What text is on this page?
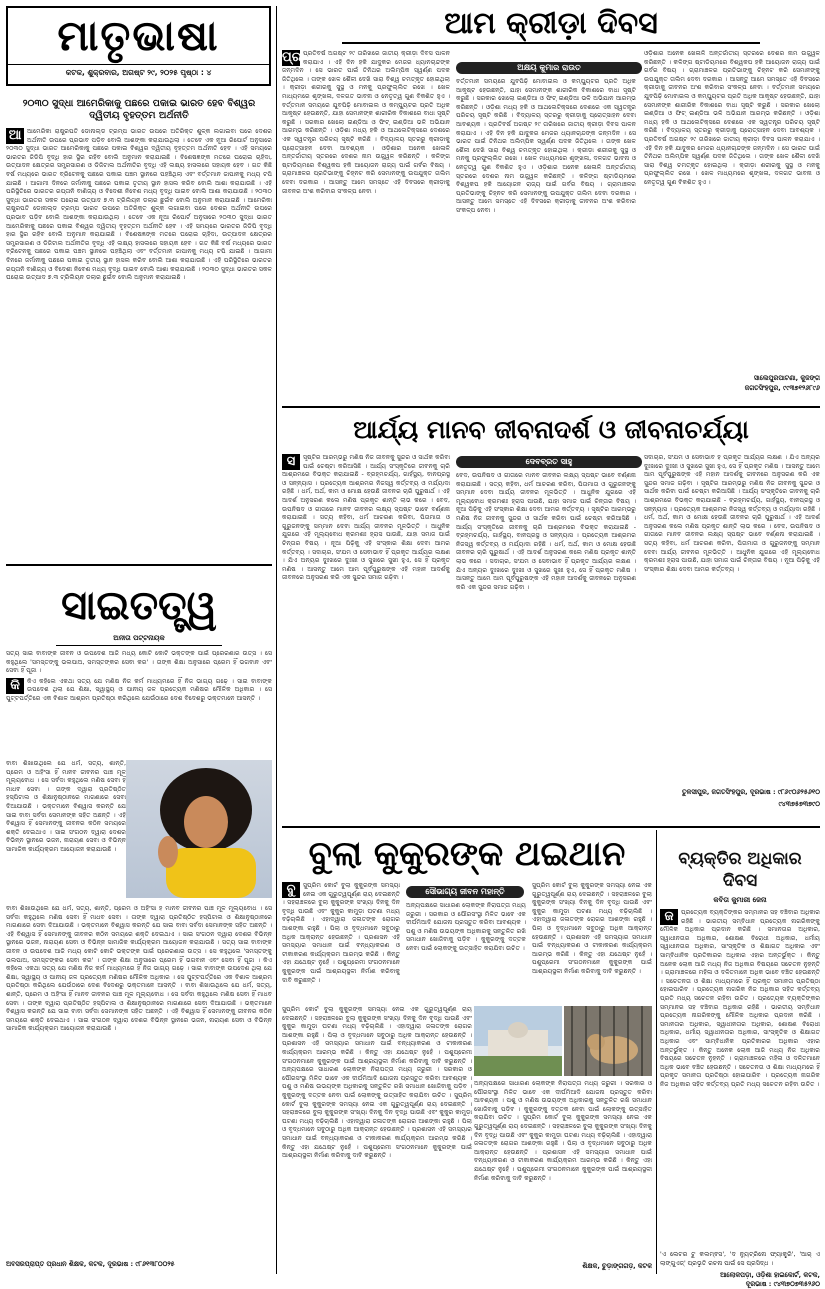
ମାତୃଭାଷା
କଟକ, ଶୁକ୍ରବାର, ଅଗଷ୍ଟ ୨୯, ୨୦୨୫ ପୃଷ୍ଠା : ୪
୨୦୩୦ ସୁଦ୍ଧା ଆମେରିକାକୁ ପଛରେ ପକାଇ ଭାରତ ହେବ ବିଶ୍ୱର ଦ୍ୱିତୀୟ ବୃହତ୍ତମ ଅର୍ଥନୀତି
ଆ ଆମେରିକା ରାଷ୍ଟ୍ରପତି ଡୋନାଲ୍ଡ ଟ୍ରମ୍ପ ଭାରତ ଉପରେ ଅତିରିକ୍ତ ଶୁଳ୍କ ଲଗାଇବା ପରେ ଦେଶର ଅର୍ଥନୀତି ଉପରେ ପ୍ରଭାବ ପଡ଼ିବ ବୋଲି ଆଶଙ୍କା କରାଯାଉଥିଲା । ତେବେ ଏକ ନୂଆ ରିପୋର୍ଟ ଅନୁସାରେ ୨୦୩୦ ସୁଦ୍ଧା ଭାରତ ଆମେରିକାକୁ ପଛରେ ପକାଇ ବିଶ୍ୱର ଦ୍ୱିତୀୟ ବୃହତ୍ତମ ଅର୍ଥନୀତି ହେବ । ଏହି ସମୟରେ ଭାରତର ଜିଡିପି ବୃଦ୍ଧି ହାର ସ୍ଥିର ରହିବ ବୋଲି ଅନୁମାନ କରାଯାଇଛି । ବିଶେଷଜ୍ଞଙ୍କ ମତରେ ଘରୋଇ ଚାହିଦା, ଉତ୍ପାଦନ କ୍ଷେତ୍ରର ସମ୍ପ୍ରସାରଣ ଓ ଡିଜିଟାଲ ଅର୍ଥନୀତିର ବୃଦ୍ଧି ଏହି ଲକ୍ଷ୍ୟ ହାସଲରେ ସହାୟକ ହେବ । ଗତ କିଛି ବର୍ଷ ମଧ୍ୟରେ ଭାରତ ବ୍ରିଟେନକୁ ପଛରେ ପକାଇ ପଞ୍ଚମ ସ୍ଥାନରେ ପହଞ୍ଚିଥିଲା ଏବଂ ବର୍ତ୍ତମାନ ଜାପାନକୁ ମଧ୍ୟ ଟପି ଯାଇଛି । ଆଗାମୀ ଦିନରେ ଜର୍ମାନୀକୁ ପଛରେ ପକାଇ ତୃତୀୟ ସ୍ଥାନ ହାସଲ କରିବ ବୋଲି ଆଶା କରାଯାଉଛି । ଏହି ପରିସ୍ଥିତିରେ ଭାରତର ରପ୍ତାନି ବାଣିଜ୍ୟ ଓ ବିଦେଶୀ ନିବେଶ ମଧ୍ୟ ବୃଦ୍ଧି ପାଇବ ବୋଲି ଆଶା କରାଯାଉଛି । ୨୦୩୦ ସୁଦ୍ଧା ଭାରତର ସକଳ ଘରୋଇ ଉତ୍ପାଦ ୭.୩ ଟ୍ରିଲିୟନ ଡଲାର ଛୁଇଁବ ବୋଲି ଅନୁମାନ କରାଯାଇଛି । ଆମେରିକା ରାଷ୍ଟ୍ରପତି ଡୋନାଲ୍ଡ ଟ୍ରମ୍ପ ଭାରତ ଉପରେ ଅତିରିକ୍ତ ଶୁଳ୍କ ଲଗାଇବା ପରେ ଦେଶର ଅର୍ଥନୀତି ଉପରେ ପ୍ରଭାବ ପଡ଼ିବ ବୋଲି ଆଶଙ୍କା କରାଯାଉଥିଲା । ତେବେ ଏକ ନୂଆ ରିପୋର୍ଟ ଅନୁସାରେ ୨୦୩୦ ସୁଦ୍ଧା ଭାରତ ଆମେରିକାକୁ ପଛରେ ପକାଇ ବିଶ୍ୱର ଦ୍ୱିତୀୟ ବୃହତ୍ତମ ଅର୍ଥନୀତି ହେବ । ଏହି ସମୟରେ ଭାରତର ଜିଡିପି ବୃଦ୍ଧି ହାର ସ୍ଥିର ରହିବ ବୋଲି ଅନୁମାନ କରାଯାଇଛି । ବିଶେଷଜ୍ଞଙ୍କ ମତରେ ଘରୋଇ ଚାହିଦା, ଉତ୍ପାଦନ କ୍ଷେତ୍ରର ସମ୍ପ୍ରସାରଣ ଓ ଡିଜିଟାଲ ଅର୍ଥନୀତିର ବୃଦ୍ଧି ଏହି ଲକ୍ଷ୍ୟ ହାସଲରେ ସହାୟକ ହେବ । ଗତ କିଛି ବର୍ଷ ମଧ୍ୟରେ ଭାରତ ବ୍ରିଟେନକୁ ପଛରେ ପକାଇ ପଞ୍ଚମ ସ୍ଥାନରେ ପହଞ୍ଚିଥିଲା ଏବଂ ବର୍ତ୍ତମାନ ଜାପାନକୁ ମଧ୍ୟ ଟପି ଯାଇଛି । ଆଗାମୀ ଦିନରେ ଜର୍ମାନୀକୁ ପଛରେ ପକାଇ ତୃତୀୟ ସ୍ଥାନ ହାସଲ କରିବ ବୋଲି ଆଶା କରାଯାଉଛି । ଏହି ପରିସ୍ଥିତିରେ ଭାରତର ରପ୍ତାନି ବାଣିଜ୍ୟ ଓ ବିଦେଶୀ ନିବେଶ ମଧ୍ୟ ବୃଦ୍ଧି ପାଇବ ବୋଲି ଆଶା କରାଯାଉଛି । ୨୦୩୦ ସୁଦ୍ଧା ଭାରତର ସକଳ ଘରୋଇ ଉତ୍ପାଦ ୭.୩ ଟ୍ରିଲିୟନ ଡଲାର ଛୁଇଁବ ବୋଲି ଅନୁମାନ କରାଯାଇଛି ।
ସାଇତତ୍ତ୍ୱ
ଅନୀତା ପଟ୍ଟନାୟକ
ସତ୍ୟ ସାଇ ବାବାଙ୍କ ଜୀବନ ଓ ଉପଦେଶ ଆଜି ମଧ୍ୟ କୋଟି କୋଟି ଭକ୍ତଙ୍କ ପାଇଁ ପ୍ରେରଣାର ଉତ୍ସ । ସେ କହୁଥିଲେ 'ସମସ୍ତଙ୍କୁ ଭଲପାଅ, ସମସ୍ତଙ୍କର ସେବା କର' । ତାଙ୍କ ଶିକ୍ଷା ଅନୁସାରେ ପ୍ରେମ ହିଁ ଭଗବାନ ଏବଂ ସେବା ହିଁ ପୂଜା ।

କି	କିଏ କହିଲେ ଏକଥା ସତ୍ୟ ଯେ ମଣିଷ ନିଜ କର୍ମ ମାଧ୍ୟମରେ ହିଁ ନିଜ ଭାଗ୍ୟ ଗଢ଼େ । ସାଇ ବାବାଙ୍କ ଉପଦେଶ ଥିଲା ଯେ ଶିକ୍ଷା, ସ୍ୱାସ୍ଥ୍ୟ ଓ ପାନୀୟ ଜଳ ପ୍ରତ୍ୟେକ ମଣିଷର ମୌଳିକ ଅଧିକାର । ସେ ପୁଟ୍ଟପର୍ତ୍ତିରେ ଏକ ବିଶାଳ ଆଶ୍ରମ ପ୍ରତିଷ୍ଠା କରିଥିଲେ ଯେଉଁଠାରେ ଦେଶ ବିଦେଶରୁ ଭକ୍ତମାନେ ଆସନ୍ତି ।

ବାବା ଶିଖାଉଥିଲେ ଯେ ଧର୍ମ, ସତ୍ୟ, ଶାନ୍ତି, ପ୍ରେମ ଓ ଅହିଂସା ହିଁ ମାନବ ଜୀବନର ପାଞ୍ଚ ମୂଳ ମୂଲ୍ୟବୋଧ । ସେ ସର୍ବଦା କହୁଥିଲେ ମଣିଷ ସେବା ହିଁ ମାଧବ ସେବା । ତାଙ୍କ ଦ୍ୱାରା ପ୍ରତିଷ୍ଠିତ ହସ୍ପିଟାଲ ଓ ଶିକ୍ଷାନୁଷ୍ଠାନରେ ମାଗଣାରେ ସେବା ଦିଆଯାଉଛି । ଭକ୍ତମାନେ ବିଶ୍ୱାସ କରନ୍ତି ଯେ ସାଇ ବାବା ସର୍ବଦା ସେମାନଙ୍କ ସହିତ ଅଛନ୍ତି । ଏହି ବିଶ୍ୱାସ ହିଁ ସେମାନଙ୍କୁ ଜୀବନର କଠିନ ସମୟରେ ଶକ୍ତି ଦେଇଥାଏ । ସାଇ ସଂଗଠନ ଦ୍ୱାରା ଦେଶର ବିଭିନ୍ନ ସ୍ଥାନରେ ଭଜନ, ନାରାୟଣ ସେବା ଓ ବିଭିନ୍ନ ସାମାଜିକ କାର୍ଯ୍ୟକ୍ରମ ଆୟୋଜନ କରାଯାଉଛି ।
ବାବା ଶିଖାଉଥିଲେ ଯେ ଧର୍ମ, ସତ୍ୟ, ଶାନ୍ତି, ପ୍ରେମ ଓ ଅହିଂସା ହିଁ ମାନବ ଜୀବନର ପାଞ୍ଚ ମୂଳ ମୂଲ୍ୟବୋଧ । ସେ ସର୍ବଦା କହୁଥିଲେ ମଣିଷ ସେବା ହିଁ ମାଧବ ସେବା । ତାଙ୍କ ଦ୍ୱାରା ପ୍ରତିଷ୍ଠିତ ହସ୍ପିଟାଲ ଓ ଶିକ୍ଷାନୁଷ୍ଠାନରେ ମାଗଣାରେ ସେବା ଦିଆଯାଉଛି । ଭକ୍ତମାନେ ବିଶ୍ୱାସ କରନ୍ତି ଯେ ସାଇ ବାବା ସର୍ବଦା ସେମାନଙ୍କ ସହିତ ଅଛନ୍ତି । ଏହି ବିଶ୍ୱାସ ହିଁ ସେମାନଙ୍କୁ ଜୀବନର କଠିନ ସମୟରେ ଶକ୍ତି ଦେଇଥାଏ । ସାଇ ସଂଗଠନ ଦ୍ୱାରା ଦେଶର ବିଭିନ୍ନ ସ୍ଥାନରେ ଭଜନ, ନାରାୟଣ ସେବା ଓ ବିଭିନ୍ନ ସାମାଜିକ କାର୍ଯ୍ୟକ୍ରମ ଆୟୋଜନ କରାଯାଉଛି । ସତ୍ୟ ସାଇ ବାବାଙ୍କ ଜୀବନ ଓ ଉପଦେଶ ଆଜି ମଧ୍ୟ କୋଟି କୋଟି ଭକ୍ତଙ୍କ ପାଇଁ ପ୍ରେରଣାର ଉତ୍ସ । ସେ କହୁଥିଲେ 'ସମସ୍ତଙ୍କୁ ଭଲପାଅ, ସମସ୍ତଙ୍କର ସେବା କର' । ତାଙ୍କ ଶିକ୍ଷା ଅନୁସାରେ ପ୍ରେମ ହିଁ ଭଗବାନ ଏବଂ ସେବା ହିଁ ପୂଜା । କିଏ କହିଲେ ଏକଥା ସତ୍ୟ ଯେ ମଣିଷ ନିଜ କର୍ମ ମାଧ୍ୟମରେ ହିଁ ନିଜ ଭାଗ୍ୟ ଗଢ଼େ । ସାଇ ବାବାଙ୍କ ଉପଦେଶ ଥିଲା ଯେ ଶିକ୍ଷା, ସ୍ୱାସ୍ଥ୍ୟ ଓ ପାନୀୟ ଜଳ ପ୍ରତ୍ୟେକ ମଣିଷର ମୌଳିକ ଅଧିକାର । ସେ ପୁଟ୍ଟପର୍ତ୍ତିରେ ଏକ ବିଶାଳ ଆଶ୍ରମ ପ୍ରତିଷ୍ଠା କରିଥିଲେ ଯେଉଁଠାରେ ଦେଶ ବିଦେଶରୁ ଭକ୍ତମାନେ ଆସନ୍ତି । ବାବା ଶିଖାଉଥିଲେ ଯେ ଧର୍ମ, ସତ୍ୟ, ଶାନ୍ତି, ପ୍ରେମ ଓ ଅହିଂସା ହିଁ ମାନବ ଜୀବନର ପାଞ୍ଚ ମୂଳ ମୂଲ୍ୟବୋଧ । ସେ ସର୍ବଦା କହୁଥିଲେ ମଣିଷ ସେବା ହିଁ ମାଧବ ସେବା । ତାଙ୍କ ଦ୍ୱାରା ପ୍ରତିଷ୍ଠିତ ହସ୍ପିଟାଲ ଓ ଶିକ୍ଷାନୁଷ୍ଠାନରେ ମାଗଣାରେ ସେବା ଦିଆଯାଉଛି । ଭକ୍ତମାନେ ବିଶ୍ୱାସ କରନ୍ତି ଯେ ସାଇ ବାବା ସର୍ବଦା ସେମାନଙ୍କ ସହିତ ଅଛନ୍ତି । ଏହି ବିଶ୍ୱାସ ହିଁ ସେମାନଙ୍କୁ ଜୀବନର କଠିନ ସମୟରେ ଶକ୍ତି ଦେଇଥାଏ । ସାଇ ସଂଗଠନ ଦ୍ୱାରା ଦେଶର ବିଭିନ୍ନ ସ୍ଥାନରେ ଭଜନ, ନାରାୟଣ ସେବା ଓ ବିଭିନ୍ନ ସାମାଜିକ କାର୍ଯ୍ୟକ୍ରମ ଆୟୋଜନ କରାଯାଉଛି ।
ଅବସରପ୍ରାପ୍ତ ପ୍ରଧାନ ଶିକ୍ଷକ, କଟକ, ଦୂରଭାଷ : ୯୮୬୧୩୮୦୦୨୫
ଆମ କ୍ରୀଡ଼ା ଦିବସ
ପ୍ର ପ୍ରତିବର୍ଷ ଅଗଷ୍ଟ ୨୯ ତାରିଖରେ ଜାତୀୟ କ୍ରୀଡ଼ା ଦିବସ ପାଳନ କରାଯାଏ । ଏହି ଦିନ ହକି ଯାଦୁକର ମେଜର ଧ୍ୟାନଚାନ୍ଦଙ୍କ ଜନ୍ମଦିନ । ସେ ଭାରତ ପାଇଁ ତିନିଥର ଅଲିମ୍ପିକ ସ୍ୱର୍ଣ୍ଣ ପଦକ ଜିତିଥିଲେ । ତାଙ୍କ ଖେଳ ଶୈଳୀ ଦେଖି ସାରା ବିଶ୍ୱ ଚମତ୍କୃତ ହୋଇଥିଲା । କ୍ରୀଡ଼ା ଶରୀରକୁ ସୁସ୍ଥ ଓ ମନକୁ ପ୍ରଫୁଲ୍ଲିତ ରଖେ । ଖେଳ ମାଧ୍ୟମରେ ଶୃଙ୍ଖଳା, ଦଳଗତ ଭାବନା ଓ ନେତୃତ୍ୱ ଗୁଣ ବିକଶିତ ହୁଏ । ବର୍ତ୍ତମାନ ସମୟରେ ଯୁବପିଢ଼ି ମୋବାଇଲ ଓ କମ୍ପ୍ୟୁଟର ପ୍ରତି ଅଧିକ ଆକୃଷ୍ଟ ହେଉଛନ୍ତି, ଯାହା ସେମାନଙ୍କ ଶାରୀରିକ ବିକାଶରେ ବାଧା ସୃଷ୍ଟି କରୁଛି । ସରକାର ଖେଲୋ ଇଣ୍ଡିଆ ଓ ଫିଟ୍ ଇଣ୍ଡିଆ ଭଳି ଅଭିଯାନ ଆରମ୍ଭ କରିଛନ୍ତି । ଓଡ଼ିଶା ମଧ୍ୟ ହକି ଓ ଆଥଲେଟିକ୍ସରେ ଦେଶରେ ଏକ ସ୍ୱତନ୍ତ୍ର ପରିଚୟ ସୃଷ୍ଟି କରିଛି । ବିଦ୍ୟାଳୟ ସ୍ତରରୁ କ୍ରୀଡ଼ାକୁ ପ୍ରୋତ୍ସାହନ ଦେବା ଆବଶ୍ୟକ । ଓଡ଼ିଶାର ଅନେକ ଖେଳାଳି ଅନ୍ତର୍ଜାତୀୟ ସ୍ତରରେ ଦେଶର ନାମ ଉଜ୍ଜ୍ୱଳ କରିଛନ୍ତି । କଳିଙ୍ଗ ଷ୍ଟାଡିୟମରେ ବିଶ୍ୱକପ ହକି ଆୟୋଜନ ରାଜ୍ୟ ପାଇଁ ଗର୍ବର ବିଷୟ । ଗ୍ରାମାଞ୍ଚଳର ପ୍ରତିଭାଙ୍କୁ ଚିହ୍ନଟ କରି ସେମାନଙ୍କୁ ଉପଯୁକ୍ତ ତାଲିମ ଦେବା ଦରକାର । ଆସନ୍ତୁ ଆମେ ସମସ୍ତେ ଏହି ଦିବସରେ କ୍ରୀଡ଼ାକୁ ଜୀବନର ଅଂଶ କରିବାର ସଂକଳ୍ପ ନେବା ।
ଅକ୍ଷୟ କୁମାର ରାଉତ
ବର୍ତ୍ତମାନ ସମୟରେ ଯୁବପିଢ଼ି ମୋବାଇଲ ଓ କମ୍ପ୍ୟୁଟର ପ୍ରତି ଅଧିକ ଆକୃଷ୍ଟ ହେଉଛନ୍ତି, ଯାହା ସେମାନଙ୍କ ଶାରୀରିକ ବିକାଶରେ ବାଧା ସୃଷ୍ଟି କରୁଛି । ସରକାର ଖେଲୋ ଇଣ୍ଡିଆ ଓ ଫିଟ୍ ଇଣ୍ଡିଆ ଭଳି ଅଭିଯାନ ଆରମ୍ଭ କରିଛନ୍ତି । ଓଡ଼ିଶା ମଧ୍ୟ ହକି ଓ ଆଥଲେଟିକ୍ସରେ ଦେଶରେ ଏକ ସ୍ୱତନ୍ତ୍ର ପରିଚୟ ସୃଷ୍ଟି କରିଛି । ବିଦ୍ୟାଳୟ ସ୍ତରରୁ କ୍ରୀଡ଼ାକୁ ପ୍ରୋତ୍ସାହନ ଦେବା ଆବଶ୍ୟକ । ପ୍ରତିବର୍ଷ ଅଗଷ୍ଟ ୨୯ ତାରିଖରେ ଜାତୀୟ କ୍ରୀଡ଼ା ଦିବସ ପାଳନ କରାଯାଏ । ଏହି ଦିନ ହକି ଯାଦୁକର ମେଜର ଧ୍ୟାନଚାନ୍ଦଙ୍କ ଜନ୍ମଦିନ । ସେ ଭାରତ ପାଇଁ ତିନିଥର ଅଲିମ୍ପିକ ସ୍ୱର୍ଣ୍ଣ ପଦକ ଜିତିଥିଲେ । ତାଙ୍କ ଖେଳ ଶୈଳୀ ଦେଖି ସାରା ବିଶ୍ୱ ଚମତ୍କୃତ ହୋଇଥିଲା । କ୍ରୀଡ଼ା ଶରୀରକୁ ସୁସ୍ଥ ଓ ମନକୁ ପ୍ରଫୁଲ୍ଲିତ ରଖେ । ଖେଳ ମାଧ୍ୟମରେ ଶୃଙ୍ଖଳା, ଦଳଗତ ଭାବନା ଓ ନେତୃତ୍ୱ ଗୁଣ ବିକଶିତ ହୁଏ । ଓଡ଼ିଶାର ଅନେକ ଖେଳାଳି ଅନ୍ତର୍ଜାତୀୟ ସ୍ତରରେ ଦେଶର ନାମ ଉଜ୍ଜ୍ୱଳ କରିଛନ୍ତି । କଳିଙ୍ଗ ଷ୍ଟାଡିୟମରେ ବିଶ୍ୱକପ ହକି ଆୟୋଜନ ରାଜ୍ୟ ପାଇଁ ଗର୍ବର ବିଷୟ । ଗ୍ରାମାଞ୍ଚଳର ପ୍ରତିଭାଙ୍କୁ ଚିହ୍ନଟ କରି ସେମାନଙ୍କୁ ଉପଯୁକ୍ତ ତାଲିମ ଦେବା ଦରକାର । ଆସନ୍ତୁ ଆମେ ସମସ୍ତେ ଏହି ଦିବସରେ କ୍ରୀଡ଼ାକୁ ଜୀବନର ଅଂଶ କରିବାର ସଂକଳ୍ପ ନେବା ।
ଓଡ଼ିଶାର ଅନେକ ଖେଳାଳି ଅନ୍ତର୍ଜାତୀୟ ସ୍ତରରେ ଦେଶର ନାମ ଉଜ୍ଜ୍ୱଳ କରିଛନ୍ତି । କଳିଙ୍ଗ ଷ୍ଟାଡିୟମରେ ବିଶ୍ୱକପ ହକି ଆୟୋଜନ ରାଜ୍ୟ ପାଇଁ ଗର୍ବର ବିଷୟ । ଗ୍ରାମାଞ୍ଚଳର ପ୍ରତିଭାଙ୍କୁ ଚିହ୍ନଟ କରି ସେମାନଙ୍କୁ ଉପଯୁକ୍ତ ତାଲିମ ଦେବା ଦରକାର । ଆସନ୍ତୁ ଆମେ ସମସ୍ତେ ଏହି ଦିବସରେ କ୍ରୀଡ଼ାକୁ ଜୀବନର ଅଂଶ କରିବାର ସଂକଳ୍ପ ନେବା । ବର୍ତ୍ତମାନ ସମୟରେ ଯୁବପିଢ଼ି ମୋବାଇଲ ଓ କମ୍ପ୍ୟୁଟର ପ୍ରତି ଅଧିକ ଆକୃଷ୍ଟ ହେଉଛନ୍ତି, ଯାହା ସେମାନଙ୍କ ଶାରୀରିକ ବିକାଶରେ ବାଧା ସୃଷ୍ଟି କରୁଛି । ସରକାର ଖେଲୋ ଇଣ୍ଡିଆ ଓ ଫିଟ୍ ଇଣ୍ଡିଆ ଭଳି ଅଭିଯାନ ଆରମ୍ଭ କରିଛନ୍ତି । ଓଡ଼ିଶା ମଧ୍ୟ ହକି ଓ ଆଥଲେଟିକ୍ସରେ ଦେଶରେ ଏକ ସ୍ୱତନ୍ତ୍ର ପରିଚୟ ସୃଷ୍ଟି କରିଛି । ବିଦ୍ୟାଳୟ ସ୍ତରରୁ କ୍ରୀଡ଼ାକୁ ପ୍ରୋତ୍ସାହନ ଦେବା ଆବଶ୍ୟକ । ପ୍ରତିବର୍ଷ ଅଗଷ୍ଟ ୨୯ ତାରିଖରେ ଜାତୀୟ କ୍ରୀଡ଼ା ଦିବସ ପାଳନ କରାଯାଏ । ଏହି ଦିନ ହକି ଯାଦୁକର ମେଜର ଧ୍ୟାନଚାନ୍ଦଙ୍କ ଜନ୍ମଦିନ । ସେ ଭାରତ ପାଇଁ ତିନିଥର ଅଲିମ୍ପିକ ସ୍ୱର୍ଣ୍ଣ ପଦକ ଜିତିଥିଲେ । ତାଙ୍କ ଖେଳ ଶୈଳୀ ଦେଖି ସାରା ବିଶ୍ୱ ଚମତ୍କୃତ ହୋଇଥିଲା । କ୍ରୀଡ଼ା ଶରୀରକୁ ସୁସ୍ଥ ଓ ମନକୁ ପ୍ରଫୁଲ୍ଲିତ ରଖେ । ଖେଳ ମାଧ୍ୟମରେ ଶୃଙ୍ଖଳା, ଦଳଗତ ଭାବନା ଓ ନେତୃତ୍ୱ ଗୁଣ ବିକଶିତ ହୁଏ ।
ସାଲେପୁରପାଟଣା, କୁଜଙ୍ଗ
ଜଗତସିଂହପୁର, ୯୯୩୭୧୨୬୮୯୬
ଆର୍ଯ୍ୟ ମାନବ ଜୀବନାଦର୍ଶ ଓ ଜୀବନାଚର୍ଯ୍ୟା
ସ	ସୃଷ୍ଟିର ଆରମ୍ଭରୁ ମଣିଷ ନିଜ ଜୀବନକୁ ସୁନ୍ଦର ଓ ସାର୍ଥକ କରିବା ପାଇଁ ଚେଷ୍ଟା କରିଆସିଛି । ଆର୍ଯ୍ୟ ସଂସ୍କୃତିରେ ଜୀବନକୁ ଚାରି ଆଶ୍ରମରେ ବିଭକ୍ତ କରାଯାଇଛି - ବ୍ରହ୍ମଚର୍ଯ୍ୟ, ଗାର୍ହସ୍ଥ୍ୟ, ବାନପ୍ରସ୍ଥ ଓ ସନ୍ନ୍ୟାସ । ପ୍ରତ୍ୟେକ ଆଶ୍ରମର ନିଜସ୍ୱ କର୍ତ୍ତବ୍ୟ ଓ ମର୍ଯ୍ୟାଦା ରହିଛି । ଧର୍ମ, ଅର୍ଥ, କାମ ଓ ମୋକ୍ଷ ହେଉଛି ଜୀବନର ଚାରି ପୁରୁଷାର୍ଥ । ଏହି ଆଦର୍ଶ ଅନୁସରଣ କଲେ ମଣିଷ ପ୍ରକୃତ ଶାନ୍ତି ଲାଭ କରେ । ବେଦ, ଉପନିଷଦ ଓ ଗୀତାରେ ମାନବ ଜୀବନର ଲକ୍ଷ୍ୟ ସ୍ପଷ୍ଟ ଭାବେ ବର୍ଣ୍ଣନା କରାଯାଇଛି । ସତ୍ୟ କହିବା, ଧର୍ମ ଆଚରଣ କରିବା, ପିତାମାତା ଓ ଗୁରୁଜନଙ୍କୁ ସମ୍ମାନ ଦେବା ଆର୍ଯ୍ୟ ଜୀବନର ମୂଳଭିତ୍ତି । ଆଧୁନିକ ଯୁଗରେ ଏହି ମୂଲ୍ୟବୋଧ କ୍ରମଶଃ ହ୍ରାସ ପାଉଛି, ଯାହା ସମାଜ ପାଇଁ ଚିନ୍ତାର ବିଷୟ । ନୂଆ ପିଢ଼ିକୁ ଏହି ସଂସ୍କାର ଶିକ୍ଷା ଦେବା ଆମର କର୍ତ୍ତବ୍ୟ । ସଦାଚାର, ସଂଯମ ଓ ସେବାଭାବ ହିଁ ପ୍ରକୃତ ଆର୍ଯ୍ୟର ଲକ୍ଷଣ । ଯିଏ ଅନ୍ୟର ଦୁଃଖରେ ଦୁଃଖୀ ଓ ସୁଖରେ ସୁଖୀ ହୁଏ, ସେ ହିଁ ପ୍ରକୃତ ମଣିଷ । ଆସନ୍ତୁ ଆମେ ଆମ ପୂର୍ବପୁରୁଷଙ୍କ ଏହି ମହାନ ଆଦର୍ଶକୁ ଜୀବନରେ ଅନୁସରଣ କରି ଏକ ସୁନ୍ଦର ସମାଜ ଗଢ଼ିବା ।
ଦେବବ୍ରତ ସାହୁ
ବେଦ, ଉପନିଷଦ ଓ ଗୀତାରେ ମାନବ ଜୀବନର ଲକ୍ଷ୍ୟ ସ୍ପଷ୍ଟ ଭାବେ ବର୍ଣ୍ଣନା କରାଯାଇଛି । ସତ୍ୟ କହିବା, ଧର୍ମ ଆଚରଣ କରିବା, ପିତାମାତା ଓ ଗୁରୁଜନଙ୍କୁ ସମ୍ମାନ ଦେବା ଆର୍ଯ୍ୟ ଜୀବନର ମୂଳଭିତ୍ତି । ଆଧୁନିକ ଯୁଗରେ ଏହି ମୂଲ୍ୟବୋଧ କ୍ରମଶଃ ହ୍ରାସ ପାଉଛି, ଯାହା ସମାଜ ପାଇଁ ଚିନ୍ତାର ବିଷୟ । ନୂଆ ପିଢ଼ିକୁ ଏହି ସଂସ୍କାର ଶିକ୍ଷା ଦେବା ଆମର କର୍ତ୍ତବ୍ୟ । ସୃଷ୍ଟିର ଆରମ୍ଭରୁ ମଣିଷ ନିଜ ଜୀବନକୁ ସୁନ୍ଦର ଓ ସାର୍ଥକ କରିବା ପାଇଁ ଚେଷ୍ଟା କରିଆସିଛି । ଆର୍ଯ୍ୟ ସଂସ୍କୃତିରେ ଜୀବନକୁ ଚାରି ଆଶ୍ରମରେ ବିଭକ୍ତ କରାଯାଇଛି - ବ୍ରହ୍ମଚର୍ଯ୍ୟ, ଗାର୍ହସ୍ଥ୍ୟ, ବାନପ୍ରସ୍ଥ ଓ ସନ୍ନ୍ୟାସ । ପ୍ରତ୍ୟେକ ଆଶ୍ରମର ନିଜସ୍ୱ କର୍ତ୍ତବ୍ୟ ଓ ମର୍ଯ୍ୟାଦା ରହିଛି । ଧର୍ମ, ଅର୍ଥ, କାମ ଓ ମୋକ୍ଷ ହେଉଛି ଜୀବନର ଚାରି ପୁରୁଷାର୍ଥ । ଏହି ଆଦର୍ଶ ଅନୁସରଣ କଲେ ମଣିଷ ପ୍ରକୃତ ଶାନ୍ତି ଲାଭ କରେ । ସଦାଚାର, ସଂଯମ ଓ ସେବାଭାବ ହିଁ ପ୍ରକୃତ ଆର୍ଯ୍ୟର ଲକ୍ଷଣ । ଯିଏ ଅନ୍ୟର ଦୁଃଖରେ ଦୁଃଖୀ ଓ ସୁଖରେ ସୁଖୀ ହୁଏ, ସେ ହିଁ ପ୍ରକୃତ ମଣିଷ । ଆସନ୍ତୁ ଆମେ ଆମ ପୂର୍ବପୁରୁଷଙ୍କ ଏହି ମହାନ ଆଦର୍ଶକୁ ଜୀବନରେ ଅନୁସରଣ କରି ଏକ ସୁନ୍ଦର ସମାଜ ଗଢ଼ିବା ।
ସଦାଚାର, ସଂଯମ ଓ ସେବାଭାବ ହିଁ ପ୍ରକୃତ ଆର୍ଯ୍ୟର ଲକ୍ଷଣ । ଯିଏ ଅନ୍ୟର ଦୁଃଖରେ ଦୁଃଖୀ ଓ ସୁଖରେ ସୁଖୀ ହୁଏ, ସେ ହିଁ ପ୍ରକୃତ ମଣିଷ । ଆସନ୍ତୁ ଆମେ ଆମ ପୂର୍ବପୁରୁଷଙ୍କ ଏହି ମହାନ ଆଦର୍ଶକୁ ଜୀବନରେ ଅନୁସରଣ କରି ଏକ ସୁନ୍ଦର ସମାଜ ଗଢ଼ିବା । ସୃଷ୍ଟିର ଆରମ୍ଭରୁ ମଣିଷ ନିଜ ଜୀବନକୁ ସୁନ୍ଦର ଓ ସାର୍ଥକ କରିବା ପାଇଁ ଚେଷ୍ଟା କରିଆସିଛି । ଆର୍ଯ୍ୟ ସଂସ୍କୃତିରେ ଜୀବନକୁ ଚାରି ଆଶ୍ରମରେ ବିଭକ୍ତ କରାଯାଇଛି - ବ୍ରହ୍ମଚର୍ଯ୍ୟ, ଗାର୍ହସ୍ଥ୍ୟ, ବାନପ୍ରସ୍ଥ ଓ ସନ୍ନ୍ୟାସ । ପ୍ରତ୍ୟେକ ଆଶ୍ରମର ନିଜସ୍ୱ କର୍ତ୍ତବ୍ୟ ଓ ମର୍ଯ୍ୟାଦା ରହିଛି । ଧର୍ମ, ଅର୍ଥ, କାମ ଓ ମୋକ୍ଷ ହେଉଛି ଜୀବନର ଚାରି ପୁରୁଷାର୍ଥ । ଏହି ଆଦର୍ଶ ଅନୁସରଣ କଲେ ମଣିଷ ପ୍ରକୃତ ଶାନ୍ତି ଲାଭ କରେ । ବେଦ, ଉପନିଷଦ ଓ ଗୀତାରେ ମାନବ ଜୀବନର ଲକ୍ଷ୍ୟ ସ୍ପଷ୍ଟ ଭାବେ ବର୍ଣ୍ଣନା କରାଯାଇଛି । ସତ୍ୟ କହିବା, ଧର୍ମ ଆଚରଣ କରିବା, ପିତାମାତା ଓ ଗୁରୁଜନଙ୍କୁ ସମ୍ମାନ ଦେବା ଆର୍ଯ୍ୟ ଜୀବନର ମୂଳଭିତ୍ତି । ଆଧୁନିକ ଯୁଗରେ ଏହି ମୂଲ୍ୟବୋଧ କ୍ରମଶଃ ହ୍ରାସ ପାଉଛି, ଯାହା ସମାଜ ପାଇଁ ଚିନ୍ତାର ବିଷୟ । ନୂଆ ପିଢ଼ିକୁ ଏହି ସଂସ୍କାର ଶିକ୍ଷା ଦେବା ଆମର କର୍ତ୍ତବ୍ୟ ।
ତୁଳସୀପୁର, ଜଗତସିଂହପୁର, ଦୂରଭାଷ : ୯୮୬୯୦୬୨୫୬୧୦
୯୪୩୭୫୭୩୭୯୦
ବୁଲା କୁକୁରଙ୍କ ଥଇଥାନ
ବୁ	ସୁପ୍ରିମ କୋର୍ଟ ବୁଲା କୁକୁରଙ୍କ ସମସ୍ୟା ନେଇ ଏକ ଗୁରୁତ୍ୱପୂର୍ଣ୍ଣ ରାୟ ଦେଇଛନ୍ତି । ସହରାଞ୍ଚଳରେ ବୁଲା କୁକୁରଙ୍କ ସଂଖ୍ୟା ଦିନକୁ ଦିନ ବୃଦ୍ଧି ପାଉଛି ଏବଂ କୁକୁର କାମୁଡ଼ା ଘଟଣା ମଧ୍ୟ ବଢ଼ିଚାଲିଛି । ଏହାଦ୍ୱାରା ଜଳାତଙ୍କ ରୋଗର ଆଶଙ୍କା ରହୁଛି । ପିଲା ଓ ବୃଦ୍ଧମାନେ ସବୁଠାରୁ ଅଧିକ ଆକ୍ରାନ୍ତ ହେଉଛନ୍ତି । ପ୍ରଶାସନ ଏହି ସମସ୍ୟାର ସମାଧାନ ପାଇଁ ବନ୍ଧ୍ୟାକରଣ ଓ ଟୀକାକରଣ କାର୍ଯ୍ୟକ୍ରମ ଆରମ୍ଭ କରିଛି । କିନ୍ତୁ ଏହା ଯଥେଷ୍ଟ ନୁହେଁ । ପଶୁପ୍ରେମୀ ସଂଗଠନମାନେ କୁକୁରଙ୍କ ପାଇଁ ଆଶ୍ରୟସ୍ଥଳୀ ନିର୍ମାଣ କରିବାକୁ ଦାବି କରୁଛନ୍ତି ।
ସୌଭାଗ୍ୟ ଜୀବନ ମହାନ୍ତି
ଅନ୍ୟପକ୍ଷରେ ସାଧାରଣ ଲୋକଙ୍କ ନିରାପତ୍ତା ମଧ୍ୟ ଜରୁରୀ । ସରକାର ଓ ପୌରସଂସ୍ଥା ମିଳିତ ଭାବେ ଏକ ଦୀର୍ଘମିଆଦି ଯୋଜନା ପ୍ରସ୍ତୁତ କରିବା ଆବଶ୍ୟକ । ପଶୁ ଓ ମଣିଷ ଉଭୟଙ୍କ ଅଧିକାରକୁ ସନ୍ତୁଳିତ ରଖି ସମାଧାନ ଖୋଜିବାକୁ ପଡ଼ିବ । କୁକୁରଙ୍କୁ ଦତ୍ତକ ନେବା ପାଇଁ ଲୋକଙ୍କୁ ଉତ୍ସାହିତ କରାଯିବା ଉଚିତ ।
ସୁପ୍ରିମ କୋର୍ଟ ବୁଲା କୁକୁରଙ୍କ ସମସ୍ୟା ନେଇ ଏକ ଗୁରୁତ୍ୱପୂର୍ଣ୍ଣ ରାୟ ଦେଇଛନ୍ତି । ସହରାଞ୍ଚଳରେ ବୁଲା କୁକୁରଙ୍କ ସଂଖ୍ୟା ଦିନକୁ ଦିନ ବୃଦ୍ଧି ପାଉଛି ଏବଂ କୁକୁର କାମୁଡ଼ା ଘଟଣା ମଧ୍ୟ ବଢ଼ିଚାଲିଛି । ଏହାଦ୍ୱାରା ଜଳାତଙ୍କ ରୋଗର ଆଶଙ୍କା ରହୁଛି । ପିଲା ଓ ବୃଦ୍ଧମାନେ ସବୁଠାରୁ ଅଧିକ ଆକ୍ରାନ୍ତ ହେଉଛନ୍ତି । ପ୍ରଶାସନ ଏହି ସମସ୍ୟାର ସମାଧାନ ପାଇଁ ବନ୍ଧ୍ୟାକରଣ ଓ ଟୀକାକରଣ କାର୍ଯ୍ୟକ୍ରମ ଆରମ୍ଭ କରିଛି । କିନ୍ତୁ ଏହା ଯଥେଷ୍ଟ ନୁହେଁ । ପଶୁପ୍ରେମୀ ସଂଗଠନମାନେ କୁକୁରଙ୍କ ପାଇଁ ଆଶ୍ରୟସ୍ଥଳୀ ନିର୍ମାଣ କରିବାକୁ ଦାବି କରୁଛନ୍ତି ।
ସୁପ୍ରିମ କୋର୍ଟ ବୁଲା କୁକୁରଙ୍କ ସମସ୍ୟା ନେଇ ଏକ ଗୁରୁତ୍ୱପୂର୍ଣ୍ଣ ରାୟ ଦେଇଛନ୍ତି । ସହରାଞ୍ଚଳରେ ବୁଲା କୁକୁରଙ୍କ ସଂଖ୍ୟା ଦିନକୁ ଦିନ ବୃଦ୍ଧି ପାଉଛି ଏବଂ କୁକୁର କାମୁଡ଼ା ଘଟଣା ମଧ୍ୟ ବଢ଼ିଚାଲିଛି । ଏହାଦ୍ୱାରା ଜଳାତଙ୍କ ରୋଗର ଆଶଙ୍କା ରହୁଛି । ପିଲା ଓ ବୃଦ୍ଧମାନେ ସବୁଠାରୁ ଅଧିକ ଆକ୍ରାନ୍ତ ହେଉଛନ୍ତି । ପ୍ରଶାସନ ଏହି ସମସ୍ୟାର ସମାଧାନ ପାଇଁ ବନ୍ଧ୍ୟାକରଣ ଓ ଟୀକାକରଣ କାର୍ଯ୍ୟକ୍ରମ ଆରମ୍ଭ କରିଛି । କିନ୍ତୁ ଏହା ଯଥେଷ୍ଟ ନୁହେଁ । ପଶୁପ୍ରେମୀ ସଂଗଠନମାନେ କୁକୁରଙ୍କ ପାଇଁ ଆଶ୍ରୟସ୍ଥଳୀ ନିର୍ମାଣ କରିବାକୁ ଦାବି କରୁଛନ୍ତି । ଅନ୍ୟପକ୍ଷରେ ସାଧାରଣ ଲୋକଙ୍କ ନିରାପତ୍ତା ମଧ୍ୟ ଜରୁରୀ । ସରକାର ଓ ପୌରସଂସ୍ଥା ମିଳିତ ଭାବେ ଏକ ଦୀର୍ଘମିଆଦି ଯୋଜନା ପ୍ରସ୍ତୁତ କରିବା ଆବଶ୍ୟକ । ପଶୁ ଓ ମଣିଷ ଉଭୟଙ୍କ ଅଧିକାରକୁ ସନ୍ତୁଳିତ ରଖି ସମାଧାନ ଖୋଜିବାକୁ ପଡ଼ିବ । କୁକୁରଙ୍କୁ ଦତ୍ତକ ନେବା ପାଇଁ ଲୋକଙ୍କୁ ଉତ୍ସାହିତ କରାଯିବା ଉଚିତ । ସୁପ୍ରିମ କୋର୍ଟ ବୁଲା କୁକୁରଙ୍କ ସମସ୍ୟା ନେଇ ଏକ ଗୁରୁତ୍ୱପୂର୍ଣ୍ଣ ରାୟ ଦେଇଛନ୍ତି । ସହରାଞ୍ଚଳରେ ବୁଲା କୁକୁରଙ୍କ ସଂଖ୍ୟା ଦିନକୁ ଦିନ ବୃଦ୍ଧି ପାଉଛି ଏବଂ କୁକୁର କାମୁଡ଼ା ଘଟଣା ମଧ୍ୟ ବଢ଼ିଚାଲିଛି । ଏହାଦ୍ୱାରା ଜଳାତଙ୍କ ରୋଗର ଆଶଙ୍କା ରହୁଛି । ପିଲା ଓ ବୃଦ୍ଧମାନେ ସବୁଠାରୁ ଅଧିକ ଆକ୍ରାନ୍ତ ହେଉଛନ୍ତି । ପ୍ରଶାସନ ଏହି ସମସ୍ୟାର ସମାଧାନ ପାଇଁ ବନ୍ଧ୍ୟାକରଣ ଓ ଟୀକାକରଣ କାର୍ଯ୍ୟକ୍ରମ ଆରମ୍ଭ କରିଛି । କିନ୍ତୁ ଏହା ଯଥେଷ୍ଟ ନୁହେଁ । ପଶୁପ୍ରେମୀ ସଂଗଠନମାନେ କୁକୁରଙ୍କ ପାଇଁ ଆଶ୍ରୟସ୍ଥଳୀ ନିର୍ମାଣ କରିବାକୁ ଦାବି କରୁଛନ୍ତି ।
ଅନ୍ୟପକ୍ଷରେ ସାଧାରଣ ଲୋକଙ୍କ ନିରାପତ୍ତା ମଧ୍ୟ ଜରୁରୀ । ସରକାର ଓ ପୌରସଂସ୍ଥା ମିଳିତ ଭାବେ ଏକ ଦୀର୍ଘମିଆଦି ଯୋଜନା ପ୍ରସ୍ତୁତ କରିବା ଆବଶ୍ୟକ । ପଶୁ ଓ ମଣିଷ ଉଭୟଙ୍କ ଅଧିକାରକୁ ସନ୍ତୁଳିତ ରଖି ସମାଧାନ ଖୋଜିବାକୁ ପଡ଼ିବ । କୁକୁରଙ୍କୁ ଦତ୍ତକ ନେବା ପାଇଁ ଲୋକଙ୍କୁ ଉତ୍ସାହିତ କରାଯିବା ଉଚିତ । ସୁପ୍ରିମ କୋର୍ଟ ବୁଲା କୁକୁରଙ୍କ ସମସ୍ୟା ନେଇ ଏକ ଗୁରୁତ୍ୱପୂର୍ଣ୍ଣ ରାୟ ଦେଇଛନ୍ତି । ସହରାଞ୍ଚଳରେ ବୁଲା କୁକୁରଙ୍କ ସଂଖ୍ୟା ଦିନକୁ ଦିନ ବୃଦ୍ଧି ପାଉଛି ଏବଂ କୁକୁର କାମୁଡ଼ା ଘଟଣା ମଧ୍ୟ ବଢ଼ିଚାଲିଛି । ଏହାଦ୍ୱାରା ଜଳାତଙ୍କ ରୋଗର ଆଶଙ୍କା ରହୁଛି । ପିଲା ଓ ବୃଦ୍ଧମାନେ ସବୁଠାରୁ ଅଧିକ ଆକ୍ରାନ୍ତ ହେଉଛନ୍ତି । ପ୍ରଶାସନ ଏହି ସମସ୍ୟାର ସମାଧାନ ପାଇଁ ବନ୍ଧ୍ୟାକରଣ ଓ ଟୀକାକରଣ କାର୍ଯ୍ୟକ୍ରମ ଆରମ୍ଭ କରିଛି । କିନ୍ତୁ ଏହା ଯଥେଷ୍ଟ ନୁହେଁ । ପଶୁପ୍ରେମୀ ସଂଗଠନମାନେ କୁକୁରଙ୍କ ପାଇଁ ଆଶ୍ରୟସ୍ଥଳୀ ନିର୍ମାଣ କରିବାକୁ ଦାବି କରୁଛନ୍ତି ।
ଶିକ୍ଷକ, ଚୁଡ଼ାଙ୍ଗଗଡ଼, କଟକ
ବ୍ୟକ୍ତିର ଅଧିକାର ଦିବସ
କବିତା କୁମାରୀ ଜେନା
ଜ	ପ୍ରତ୍ୟେକ ବ୍ୟକ୍ତିଙ୍କର ସମ୍ମାନର ସହ ବଞ୍ଚିବାର ଅଧିକାର ରହିଛି । ଭାରତୀୟ ସମ୍ବିଧାନ ପ୍ରତ୍ୟେକ ନାଗରିକଙ୍କୁ ମୌଳିକ ଅଧିକାର ପ୍ରଦାନ କରିଛି । ସମାନତାର ଅଧିକାର, ସ୍ୱାଧୀନତାର ଅଧିକାର, ଶୋଷଣ ବିରୋଧୀ ଅଧିକାର, ଧର୍ମୀୟ ସ୍ୱାଧୀନତାର ଅଧିକାର, ସାଂସ୍କୃତିକ ଓ ଶିକ୍ଷାଗତ ଅଧିକାର ଏବଂ ସାମ୍ବିଧାନିକ ପ୍ରତିକାରର ଅଧିକାର ଏହାର ଅନ୍ତର୍ଭୁକ୍ତ । କିନ୍ତୁ ଅନେକ ଲୋକ ଆଜି ମଧ୍ୟ ନିଜ ଅଧିକାର ବିଷୟରେ ସଚେତନ ନୁହନ୍ତି । ଗ୍ରାମାଞ୍ଚଳରେ ମହିଳା ଓ ଦଳିତମାନେ ଅଧିକ ଭାବେ ବଞ୍ଚିତ ହେଉଛନ୍ତି । ସଚେତନତା ଓ ଶିକ୍ଷା ମାଧ୍ୟମରେ ହିଁ ପ୍ରକୃତ ସମାନତା ପ୍ରତିଷ୍ଠା ହୋଇପାରିବ । ପ୍ରତ୍ୟେକ ନାଗରିକ ନିଜ ଅଧିକାର ସହିତ କର୍ତ୍ତବ୍ୟ ପ୍ରତି ମଧ୍ୟ ସଚେତନ ରହିବା ଉଚିତ । ପ୍ରତ୍ୟେକ ବ୍ୟକ୍ତିଙ୍କର ସମ୍ମାନର ସହ ବଞ୍ଚିବାର ଅଧିକାର ରହିଛି । ଭାରତୀୟ ସମ୍ବିଧାନ ପ୍ରତ୍ୟେକ ନାଗରିକଙ୍କୁ ମୌଳିକ ଅଧିକାର ପ୍ରଦାନ କରିଛି । ସମାନତାର ଅଧିକାର, ସ୍ୱାଧୀନତାର ଅଧିକାର, ଶୋଷଣ ବିରୋଧୀ ଅଧିକାର, ଧର୍ମୀୟ ସ୍ୱାଧୀନତାର ଅଧିକାର, ସାଂସ୍କୃତିକ ଓ ଶିକ୍ଷାଗତ ଅଧିକାର ଏବଂ ସାମ୍ବିଧାନିକ ପ୍ରତିକାରର ଅଧିକାର ଏହାର ଅନ୍ତର୍ଭୁକ୍ତ । କିନ୍ତୁ ଅନେକ ଲୋକ ଆଜି ମଧ୍ୟ ନିଜ ଅଧିକାର ବିଷୟରେ ସଚେତନ ନୁହନ୍ତି । ଗ୍ରାମାଞ୍ଚଳରେ ମହିଳା ଓ ଦଳିତମାନେ ଅଧିକ ଭାବେ ବଞ୍ଚିତ ହେଉଛନ୍ତି । ସଚେତନତା ଓ ଶିକ୍ଷା ମାଧ୍ୟମରେ ହିଁ ପ୍ରକୃତ ସମାନତା ପ୍ରତିଷ୍ଠା ହୋଇପାରିବ । ପ୍ରତ୍ୟେକ ନାଗରିକ ନିଜ ଅଧିକାର ସହିତ କର୍ତ୍ତବ୍ୟ ପ୍ରତି ମଧ୍ୟ ସଚେତନ ରହିବା ଉଚିତ ।
'ଏ ଲେଟର ଟୁ କଲମ୍ବସ', 'ଦ ନ୍ୟୁଟ୍ରିନୋ ଫ୍ୟାକ୍ଟ୍ରି', 'ଆର୍ ଏ ଲାଙ୍ଗୁଏଜ୍' ପ୍ରଭୃତି ରଚନା ପାଇଁ ସେ ପ୍ରସିଦ୍ଧ ।
ଆଲୋକପଡ଼ା, ଓଡ଼ିଶା ହାଇକୋର୍ଟ, କଟକ,
ଦୂରଭାଷ : ୯୪୩୭୦୭୩୫୨୬୦
